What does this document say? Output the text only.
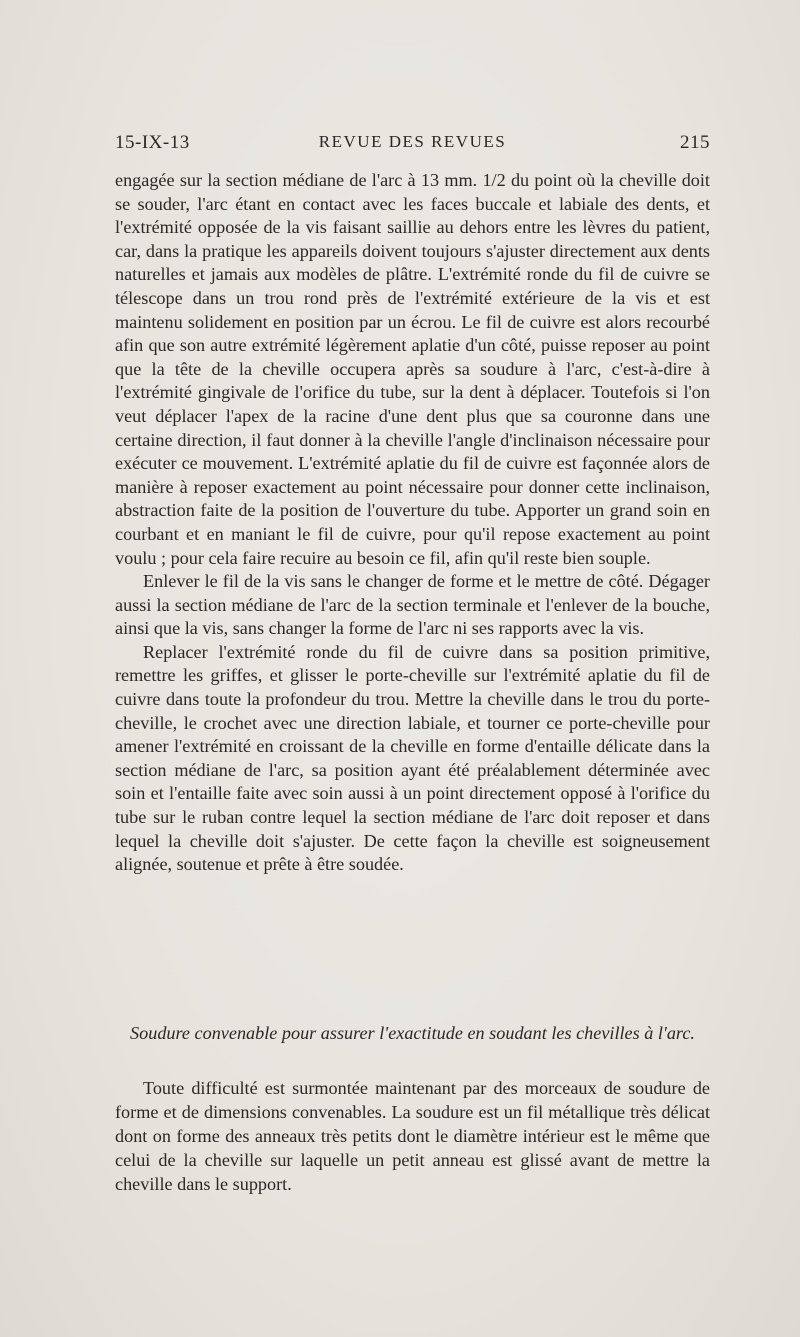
15-IX-13	REVUE DES REVUES	215

engagée sur la section médiane de l'arc à 13 mm. 1/2 du point où la cheville doit se souder, l'arc étant en contact avec les faces buccale et labiale des dents, et l'extrémité opposée de la vis faisant saillie au dehors entre les lèvres du patient, car, dans la pratique les appareils doivent toujours s'ajuster directement aux dents naturelles et jamais aux modèles de plâtre. L'extrémité ronde du fil de cuivre se télescope dans un trou rond près de l'extrémité extérieure de la vis et est maintenu solidement en position par un écrou. Le fil de cuivre est alors recourbé afin que son autre extrémité légèrement aplatie d'un côté, puisse reposer au point que la tête de la cheville occupera après sa soudure à l'arc, c'est-à-dire à l'extrémité gingivale de l'orifice du tube, sur la dent à déplacer. Toutefois si l'on veut déplacer l'apex de la racine d'une dent plus que sa couronne dans une certaine direction, il faut donner à la cheville l'angle d'inclinaison nécessaire pour exécuter ce mouvement. L'extrémité aplatie du fil de cuivre est façonnée alors de manière à reposer exactement au point nécessaire pour donner cette inclinaison, abstraction faite de la position de l'ouverture du tube. Apporter un grand soin en courbant et en maniant le fil de cuivre, pour qu'il repose exactement au point voulu ; pour cela faire recuire au besoin ce fil, afin qu'il reste bien souple.

Enlever le fil de la vis sans le changer de forme et le mettre de côté. Dégager aussi la section médiane de l'arc de la section terminale et l'enlever de la bouche, ainsi que la vis, sans changer la forme de l'arc ni ses rapports avec la vis.

Replacer l'extrémité ronde du fil de cuivre dans sa position primitive, remettre les griffes, et glisser le porte-cheville sur l'extrémité aplatie du fil de cuivre dans toute la profondeur du trou. Mettre la cheville dans le trou du porte-cheville, le crochet avec une direction labiale, et tourner ce porte-cheville pour amener l'extrémité en croissant de la cheville en forme d'entaille délicate dans la section médiane de l'arc, sa position ayant été préalablement déterminée avec soin et l'entaille faite avec soin aussi à un point directement opposé à l'orifice du tube sur le ruban contre lequel la section médiane de l'arc doit reposer et dans lequel la cheville doit s'ajuster. De cette façon la cheville est soigneusement alignée, soutenue et prête à être soudée.

Soudure convenable pour assurer l'exactitude en soudant les chevilles à l'arc.

Toute difficulté est surmontée maintenant par des morceaux de soudure de forme et de dimensions convenables. La soudure est un fil métallique très délicat dont on forme des anneaux très petits dont le diamètre intérieur est le même que celui de la cheville sur laquelle un petit anneau est glissé avant de mettre la cheville dans le support.
